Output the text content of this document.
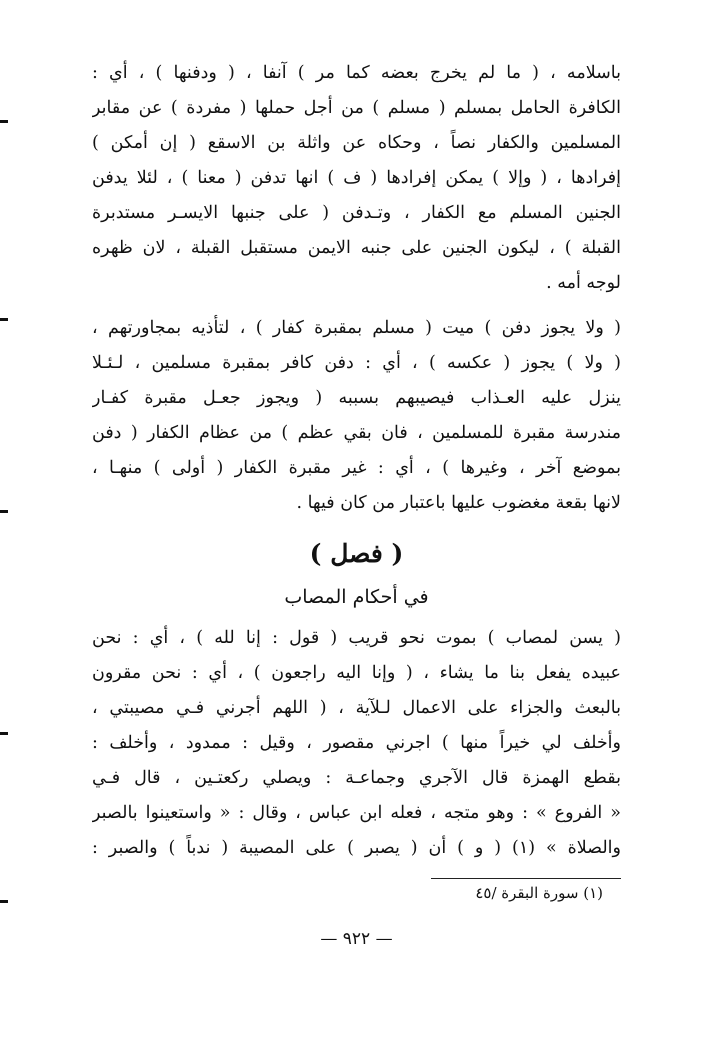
باسلامه ، ( ما لم يخرج بعضه كما مر ) آنفا ، ( ودفنها ) ، أي :
الكافرة الحامل بمسلم ( مسلم ) من أجل حملها ( مفردة ) عن مقابر
المسلمين والكفار نصاً ، وحكاه عن واثلة بن الاسقع ( إن أمكن )
إفرادها ، ( وإلا ) يمكن إفرادها ( ف ) انها تدفن ( معنا ) ، لئلا يدفن
الجنين المسلم مع الكفار ، وتـدفن ( على جنبها الايسـر مستدبرة
القبلة ) ، ليكون الجنين على جنبه الايمن مستقبل القبلة ، لان ظهره
لوجه أمه .
( ولا يجوز دفن ) ميت ( مسلم بمقبرة كفار ) ، لتأذيه بمجاورتهم ،
( ولا ) يجوز ( عكسه ) ، أي : دفن كافر بمقبرة مسلمين ، لـئـلا
ينزل عليه العـذاب فيصيبهم بسببه ( ويجوز جعـل مقبرة كفـار
مندرسة مقبرة للمسلمين ، فان بقي عظم ) من عظام الكفار ( دفن
بموضع آخر ، وغيرها ) ، أي : غير مقبرة الكفار ( أولى ) منهـا ،
لانها بقعة مغضوب عليها باعتبار من كان فيها .
( فصل )
في أحكام المصاب
( يسن لمصاب ) بموت نحو قريب ( قول : إنا لله ) ، أي : نحن
عبيده يفعل بنا ما يشاء ، ( وإنا اليه راجعون ) ، أي : نحن مقرون
بالبعث والجزاء على الاعمال لـلآية ، ( اللهم أجرني فـي مصيبتي ،
وأخلف لي خيراً منها ) اجرني مقصور ، وقيل : ممدود ، وأخلف :
بقطع الهمزة قال الآجري وجماعـة : ويصلي ركعتـين ، قال فـي
« الفروع » : وهو متجه ، فعله ابن عباس ، وقال : « واستعينوا بالصبر
والصلاة » (١) ( و ) أن ( يصبر ) على المصيبة ( ندباً ) والصبر :
(١) سورة البقرة /٤٥
— ٩٢٢ —
